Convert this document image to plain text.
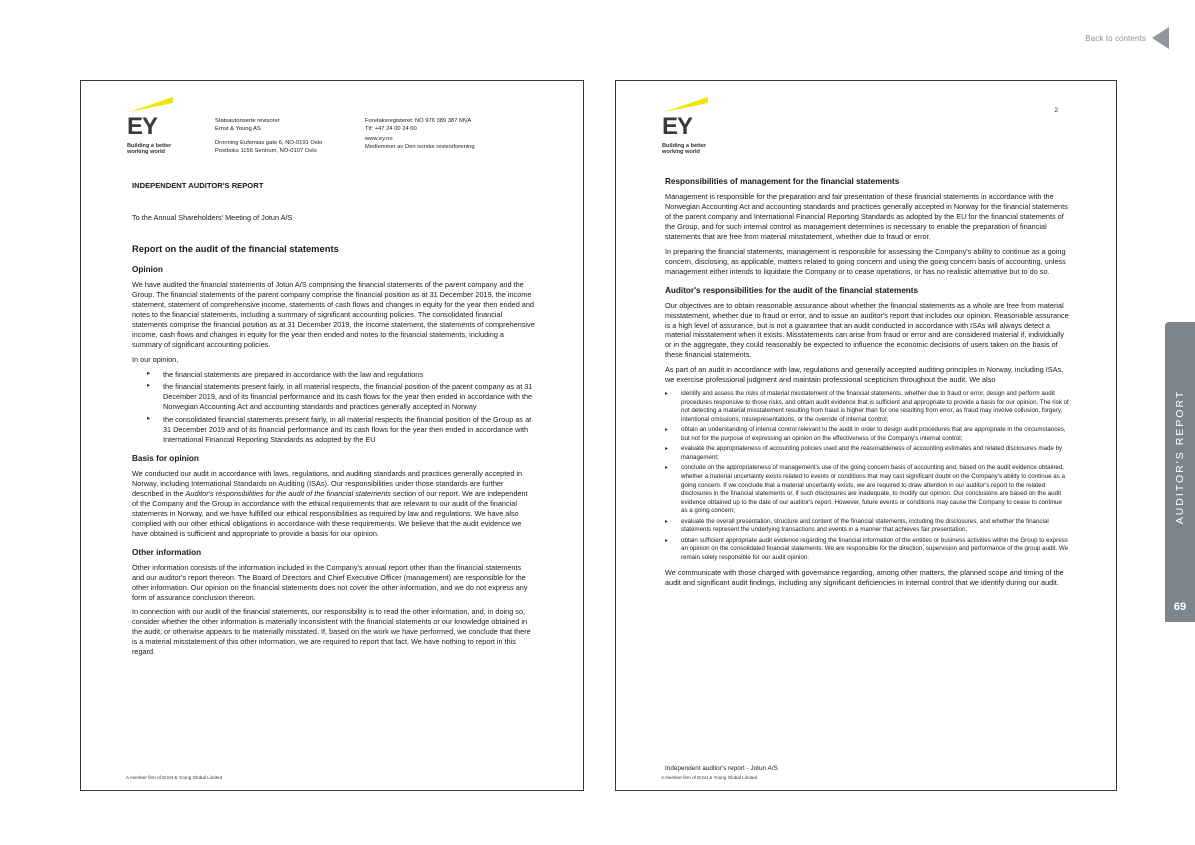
Back to contents
AUDITOR'S REPORT
69
EY
Building a better
working world
Statsautoriserte revisorer
Ernst & Young AS
Dronning Eufemias gate 6, NO-0191 Oslo
Postboks 1156 Sentrum, NO-0107 Oslo
Foretaksregisteret: NO 976 389 387 MVA
Tlf: +47 24 00 24 00
www.ey.no
Medlemmer av Den norske revisorforening
INDEPENDENT AUDITOR'S REPORT
To the Annual Shareholders' Meeting of Jotun A/S
Report on the audit of the financial statements
Opinion

We have audited the financial statements of Jotun A/S comprising the financial statements of the parent company and the Group. The financial statements of the parent company comprise the financial position as at 31 December 2019, the income statement, statement of comprehensive income, statements of cash flows and changes in equity for the year then ended and notes to the financial statements, including a summary of significant accounting policies. The consolidated financial statements comprise the financial position as at 31 December 2019, the income statement, the statements of comprehensive income, cash flows and changes in equity for the year then ended and notes to the financial statements, including a summary of significant accounting policies.

In our opinion,

▸ the financial statements are prepared in accordance with the law and regulations
▸ the financial statements present fairly, in all material respects, the financial position of the parent company as at 31 December 2019, and of its financial performance and its cash flows for the year then ended in accordance with the Norwegian Accounting Act and accounting standards and practices generally accepted in Norway
▸ the consolidated financial statements present fairly, in all material respects the financial position of the Group as at 31 December 2019 and of its financial performance and its cash flows for the year then ended in accordance with International Financial Reporting Standards as adopted by the EU
Basis for opinion

We conducted our audit in accordance with laws, regulations, and auditing standards and practices generally accepted in Norway, including International Standards on Auditing (ISAs). Our responsibilities under those standards are further described in the Auditor's responsibilities for the audit of the financial statements section of our report. We are independent of the Company and the Group in accordance with the ethical requirements that are relevant to our audit of the financial statements in Norway, and we have fulfilled our ethical responsibilities as required by law and regulations. We have also complied with our other ethical obligations in accordance with these requirements. We believe that the audit evidence we have obtained is sufficient and appropriate to provide a basis for our opinion.

Other information

Other information consists of the information included in the Company's annual report other than the financial statements and our auditor's report thereon. The Board of Directors and Chief Executive Officer (management) are responsible for the other information. Our opinion on the financial statements does not cover the other information, and we do not express any form of assurance conclusion thereon.

In connection with our audit of the financial statements, our responsibility is to read the other information, and, in doing so, consider whether the other information is materially inconsistent with the financial statements or our knowledge obtained in the audit, or otherwise appears to be materially misstated. If, based on the work we have performed, we conclude that there is a material misstatement of this other information, we are required to report that fact. We have nothing to report in this regard.

A member firm of Ernst & Young Global Limited
EY
Building a better
working world
2
Responsibilities of management for the financial statements

Management is responsible for the preparation and fair presentation of these financial statements in accordance with the Norwegian Accounting Act and accounting standards and practices generally accepted in Norway for the financial statements of the parent company and International Financial Reporting Standards as adopted by the EU for the financial statements of the Group, and for such internal control as management determines is necessary to enable the preparation of financial statements that are free from material misstatement, whether due to fraud or error.

In preparing the financial statements, management is responsible for assessing the Company's ability to continue as a going concern, disclosing, as applicable, matters related to going concern and using the going concern basis of accounting, unless management either intends to liquidate the Company or to cease operations, or has no realistic alternative but to do so.

Auditor's responsibilities for the audit of the financial statements

Our objectives are to obtain reasonable assurance about whether the financial statements as a whole are free from material misstatement, whether due to fraud or error, and to issue an auditor's report that includes our opinion. Reasonable assurance is a high level of assurance, but is not a guarantee that an audit conducted in accordance with ISAs will always detect a material misstatement when it exists. Misstatements can arise from fraud or error and are considered material if, individually or in the aggregate, they could reasonably be expected to influence the economic decisions of users taken on the basis of these financial statements.

As part of an audit in accordance with law, regulations and generally accepted auditing principles in Norway, including ISAs, we exercise professional judgment and maintain professional scepticism throughout the audit. We also

▸ identify and assess the risks of material misstatement of the financial statements, whether due to fraud or error, design and perform audit procedures responsive to those risks, and obtain audit evidence that is sufficient and appropriate to provide a basis for our opinion. The risk of not detecting a material misstatement resulting from fraud is higher than for one resulting from error, as fraud may involve collusion, forgery, intentional omissions, misrepresentations, or the override of internal control;
▸ obtain an understanding of internal control relevant to the audit in order to design audit procedures that are appropriate in the circumstances, but not for the purpose of expressing an opinion on the effectiveness of the Company's internal control;
▸ evaluate the appropriateness of accounting policies used and the reasonableness of accounting estimates and related disclosures made by management;
▸ conclude on the appropriateness of management's use of the going concern basis of accounting and, based on the audit evidence obtained, whether a material uncertainty exists related to events or conditions that may cast significant doubt on the Company's ability to continue as a going concern. If we conclude that a material uncertainty exists, we are required to draw attention in our auditor's report to the related disclosures in the financial statements or, if such disclosures are inadequate, to modify our opinion. Our conclusions are based on the audit evidence obtained up to the date of our auditor's report. However, future events or conditions may cause the Company to cease to continue as a going concern;
▸ evaluate the overall presentation, structure and content of the financial statements, including the disclosures, and whether the financial statements represent the underlying transactions and events in a manner that achieves fair presentation;
▸ obtain sufficient appropriate audit evidence regarding the financial information of the entities or business activities within the Group to express an opinion on the consolidated financial statements. We are responsible for the direction, supervision and performance of the group audit. We remain solely responsible for our audit opinion.

We communicate with those charged with governance regarding, among other matters, the planned scope and timing of the audit and significant audit findings, including any significant deficiencies in internal control that we identify during our audit.

Independent auditor's report - Jotun A/S
A member firm of Ernst & Young Global Limited
